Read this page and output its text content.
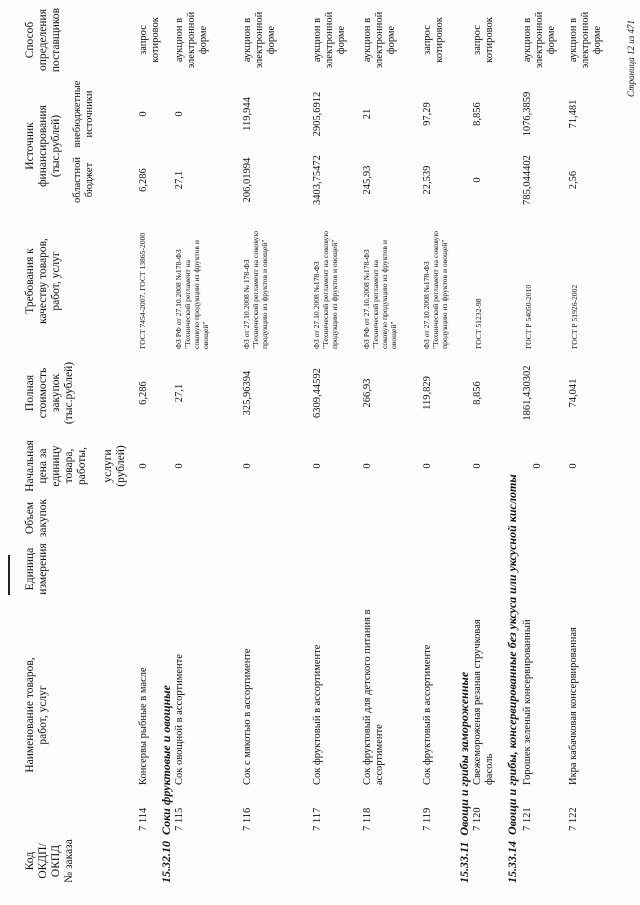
Код
ОКДП/
ОКПД
№ заказа
Наименование товаров,
работ, услуг
Единица
измерения
Объем
закупок
Начальная
цена за
единицу
товара,
работы,

услуги
(рублей)
Полная
стоимость
закупок
(тыс.рублей)
Требования к
качеству товаров,
работ, услуг
Источник
финансирования
(тыс.рублей)
областной
бюджет
внебюджетные
источники
Способ
определения
поставщиков
7 114
Консервы рыбные в масле
0
6,286
ГОСТ 7454-2007, ГОСТ 13865-2000
6,286
0
запрос котировок
15.32.10Соки фруктовые и овощные 7 115
Сок овощной в ассортименте
0
27,1
ФЗ РФ от 27.10.2008 №178-ФЗ "Технический регламент на соковую продукцию из фруктов и овощей"
27,1
0
аукцион в электронной форме
7 116
Сок с мякотью в ассортименте
0
325,96394
ФЗ от 27.10.2008 № 178-ФЗ "Технический регламент на соковую продукцию из фруктов и овощей"
206,01994
119,944
аукцион в электронной форме
7 117
Сок фруктовый в ассортименте
0
6309,44592
ФЗ от 27.10.2008 №178-ФЗ "Технический регламент на соковую продукцию из фруктов и овощей"
3403,75472
2905,6912
аукцион в электронной форме
7 118
Сок фруктовый для детского питания в ассортименте
0
266,93
ФЗ РФ от 27.10.2008 №178-ФЗ "Технический регламент на соковую продукцию из фруктов и овощей"
245,93
21
аукцион в электронной форме
7 119
Сок фруктовый в ассортименте
0
119,829
ФЗ от 27.10.2008 №178-ФЗ "Технический регламент на соковую продукцию из фруктов и овощей"
22,539
97,29
запрос котировок
15.33.11Овощи и грибы замороженные 7 120
Свежемороженая резаная стручковая фасоль
0
8,856
ГОСТ 51232-98
0
8,856
запрос котировок
15.33.14Овощи и грибы, консервированные без уксуса или уксусной кислоты 7 121
Горошек зеленый консервированный
0
1861,430302
ГОСТ Р 54050-2010
785,044402
1076,3859
аукцион в электронной форме
7 122
Икра кабачковая консервированная
0
74,041
ГОСТ Р 51926-2002
2,56
71,481
аукцион в электронной форме	Страница 12 из 471
